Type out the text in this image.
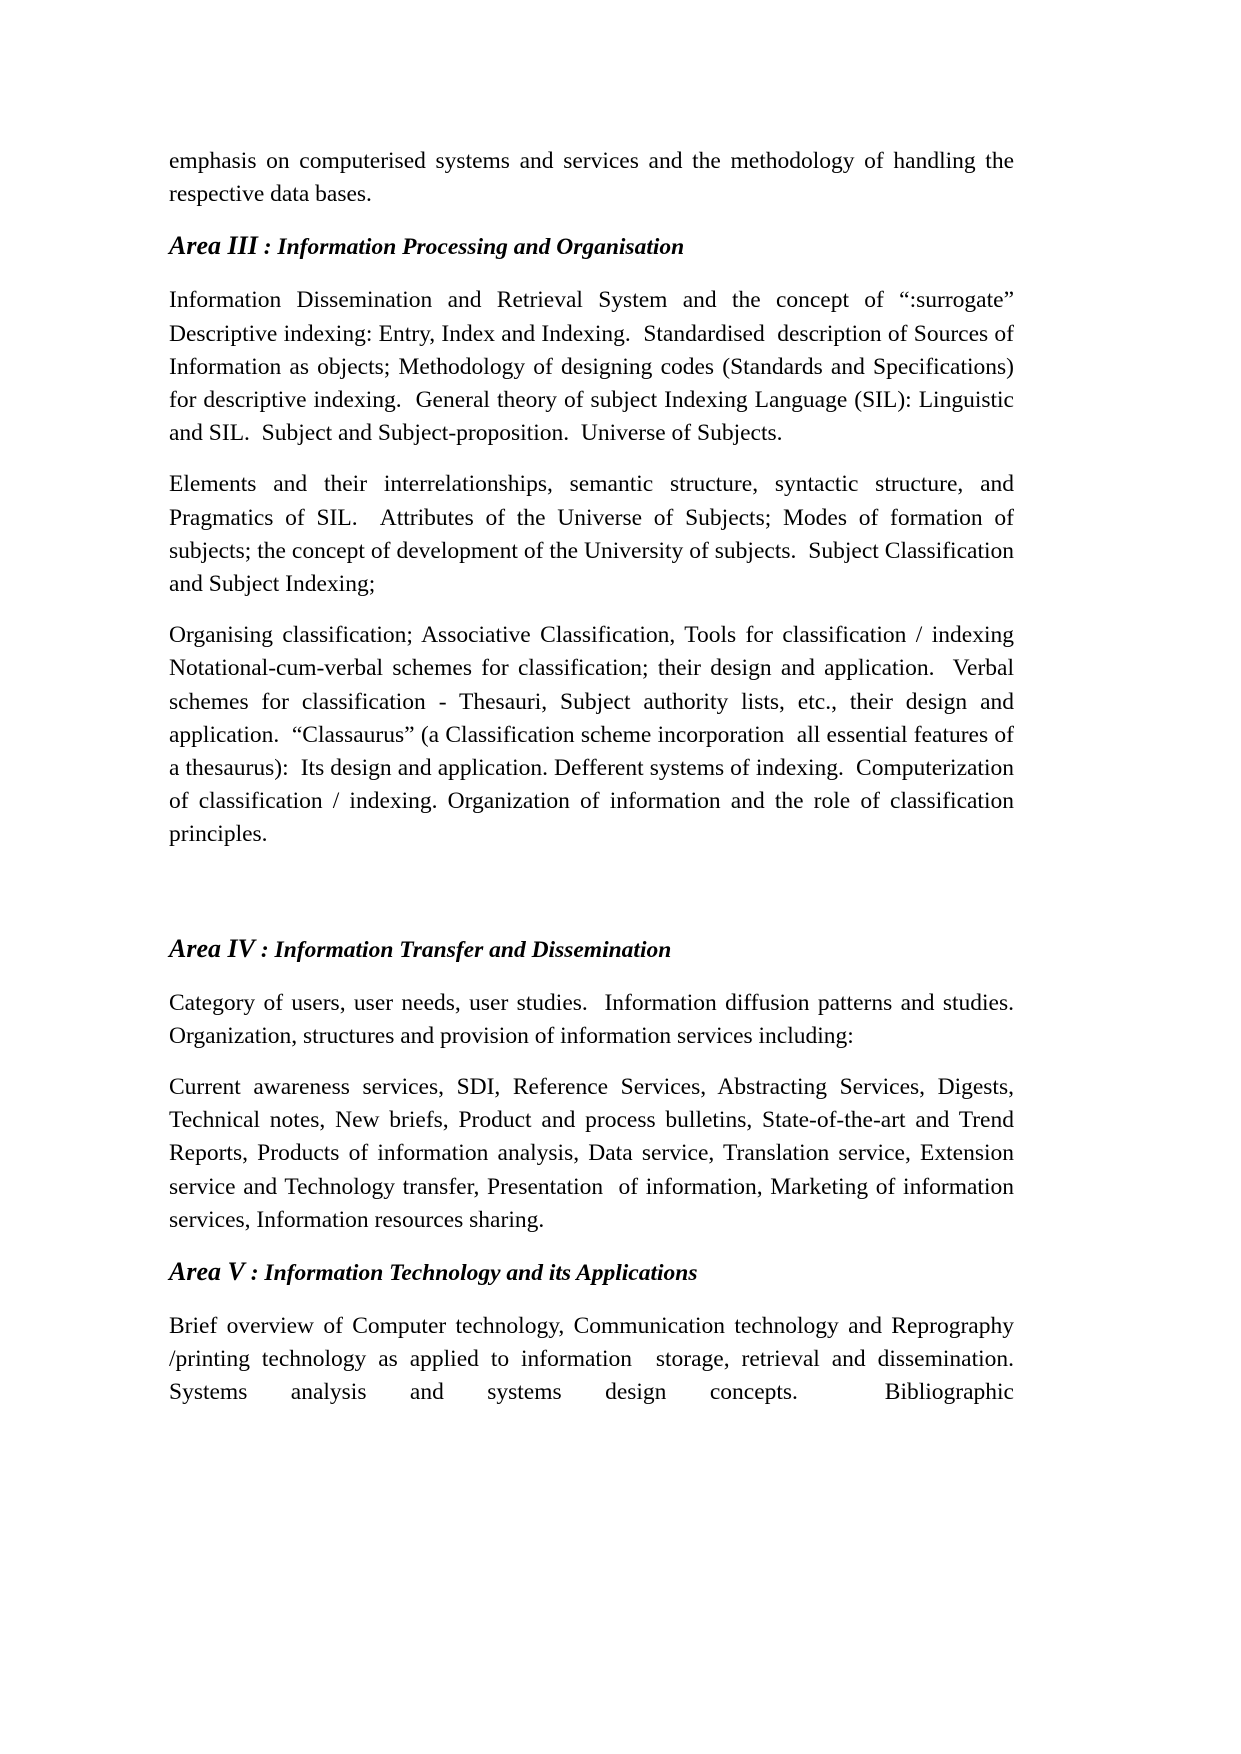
emphasis on computerised systems and services and the methodology of handling the respective data bases.

Area III : Information Processing and Organisation

Information Dissemination and Retrieval System and the concept of “:surrogate” Descriptive indexing: Entry, Index and Indexing.  Standardised  description of Sources of  Information as objects; Methodology of designing codes (Standards and Specifications) for descriptive indexing.  General theory of subject Indexing Language (SIL): Linguistic and SIL.  Subject and Subject-proposition.  Universe of Subjects.

Elements and their interrelationships, semantic structure, syntactic structure, and Pragmatics of SIL.  Attributes of the Universe of Subjects; Modes of formation of subjects; the concept of development of the University of subjects.  Subject Classification and Subject Indexing;

Organising classification; Associative Classification, Tools for classification / indexing Notational-cum-verbal schemes for classification; their design and application.  Verbal schemes for classification - Thesauri, Subject authority lists, etc., their design and application.  “Classaurus” (a Classification scheme incorporation  all essential features of a thesaurus):  Its design and application. Defferent systems of indexing.  Computerization of classification / indexing. Organization of information and the role of classification principles.

Area IV : Information Transfer and Dissemination

Category of users, user needs, user studies.  Information diffusion patterns and studies.  Organization, structures and provision of information services including:

Current awareness services, SDI, Reference Services, Abstracting Services, Digests, Technical notes, New briefs, Product and process bulletins, State-of-the-art and Trend Reports, Products of information analysis, Data service, Translation service, Extension service and Technology transfer, Presentation  of information, Marketing of information services, Information resources sharing.

Area V : Information Technology and its Applications

Brief overview of Computer technology, Communication technology and Reprography /printing technology as applied to information  storage, retrieval and dissemination.  Systems analysis and systems design concepts.  Bibliographic
